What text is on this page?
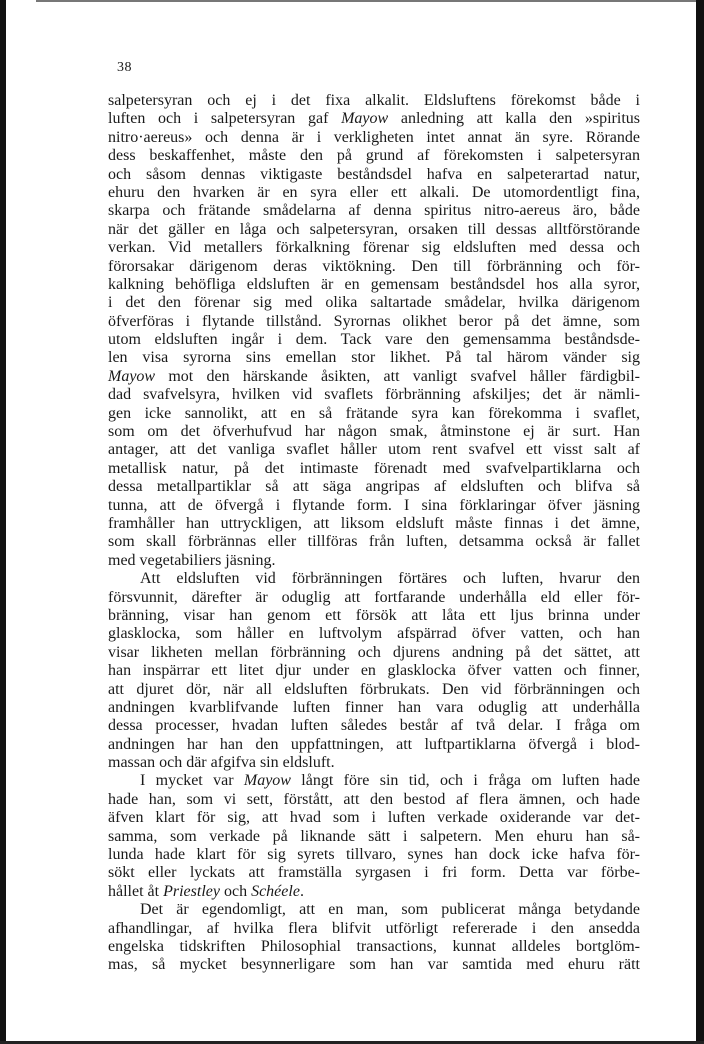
38
salpetersyran och ej i det fixa alkalit. Eldsluftens förekomst både i
luften och i salpetersyran gaf Mayow anledning att kalla den »spiritus
nitro·aereus» och denna är i verkligheten intet annat än syre. Rörande
dess beskaffenhet, måste den på grund af förekomsten i salpetersyran
och såsom dennas viktigaste beståndsdel hafva en salpeterartad natur,
ehuru den hvarken är en syra eller ett alkali. De utomordentligt fina,
skarpa och frätande smådelarna af denna spiritus nitro-aereus äro, både
när det gäller en låga och salpetersyran, orsaken till dessas alltförstörande
verkan. Vid metallers förkalkning förenar sig eldsluften med dessa och
förorsakar därigenom deras viktökning. Den till förbränning och för-
kalkning behöfliga eldsluften är en gemensam beståndsdel hos alla syror,
i det den förenar sig med olika saltartade smådelar, hvilka därigenom
öfverföras i flytande tillstånd. Syrornas olikhet beror på det ämne, som
utom eldsluften ingår i dem. Tack vare den gemensamma beståndsde-
len visa syrorna sins emellan stor likhet. På tal härom vänder sig
Mayow mot den härskande åsikten, att vanligt svafvel håller färdigbil-
dad svafvelsyra, hvilken vid svaflets förbränning afskiljes; det är nämli-
gen icke sannolikt, att en så frätande syra kan förekomma i svaflet,
som om det öfverhufvud har någon smak, åtminstone ej är surt. Han
antager, att det vanliga svaflet håller utom rent svafvel ett visst salt af
metallisk natur, på det intimaste förenadt med svafvelpartiklarna och
dessa metallpartiklar så att säga angripas af eldsluften och blifva så
tunna, att de öfvergå i flytande form. I sina förklaringar öfver jäsning
framhåller han uttryckligen, att liksom eldsluft måste finnas i det ämne,
som skall förbrännas eller tillföras från luften, detsamma också är fallet
med vegetabiliers jäsning.
Att eldsluften vid förbränningen förtäres och luften, hvarur den
försvunnit, därefter är oduglig att fortfarande underhålla eld eller för-
bränning, visar han genom ett försök att låta ett ljus brinna under
glasklocka, som håller en luftvolym afspärrad öfver vatten, och han
visar likheten mellan förbränning och djurens andning på det sättet, att
han inspärrar ett litet djur under en glasklocka öfver vatten och finner,
att djuret dör, när all eldsluften förbrukats. Den vid förbränningen och
andningen kvarblifvande luften finner han vara oduglig att underhålla
dessa processer, hvadan luften således består af två delar. I fråga om
andningen har han den uppfattningen, att luftpartiklarna öfvergå i blod-
massan och där afgifva sin eldsluft.
I mycket var Mayow långt före sin tid, och i fråga om luften hade
hade han, som vi sett, förstått, att den bestod af flera ämnen, och hade
äfven klart för sig, att hvad som i luften verkade oxiderande var det-
samma, som verkade på liknande sätt i salpetern. Men ehuru han så-
lunda hade klart för sig syrets tillvaro, synes han dock icke hafva för-
sökt eller lyckats att framställa syrgasen i fri form. Detta var förbe-
hållet åt Priestley och Schéele.
Det är egendomligt, att en man, som publicerat många betydande
afhandlingar, af hvilka flera blifvit utförligt refererade i den ansedda
engelska tidskriften Philosophial transactions, kunnat alldeles bortglöm-
mas, så mycket besynnerligare som han var samtida med ehuru rätt
